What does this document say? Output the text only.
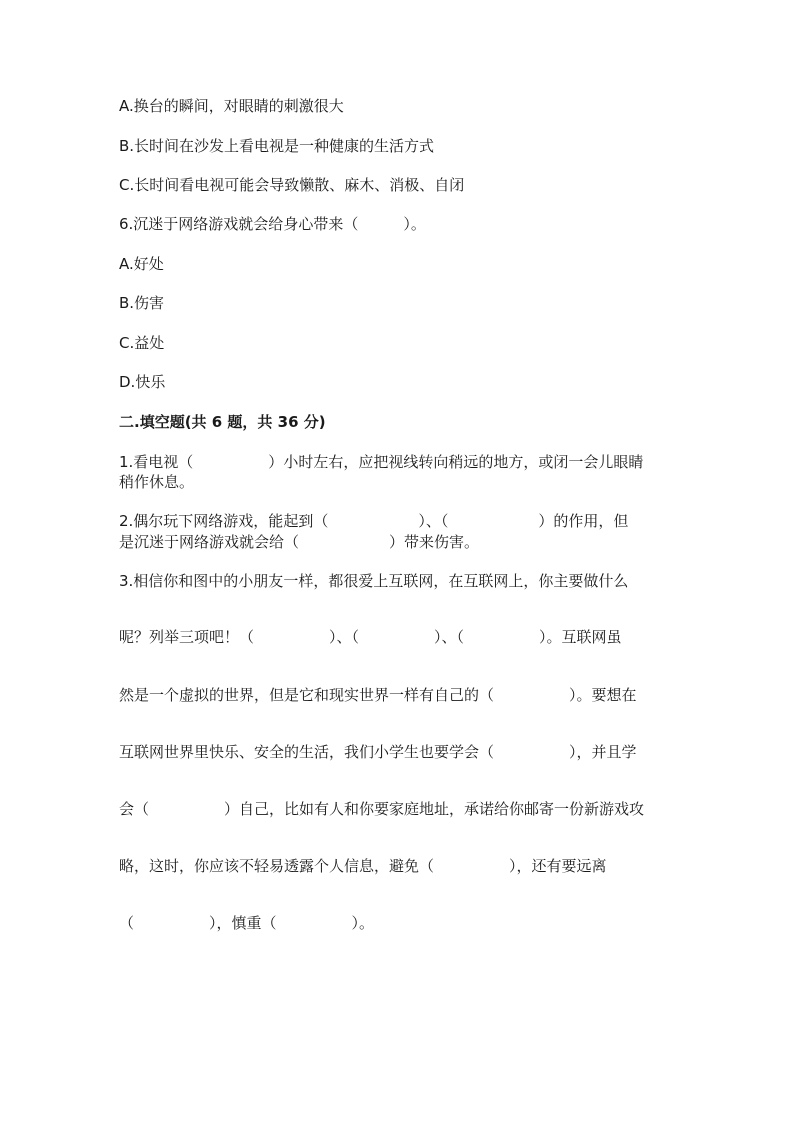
A.换台的瞬间，对眼睛的刺激很大
B.长时间在沙发上看电视是一种健康的生活方式
C.长时间看电视可能会导致懒散、麻木、消极、自闭
6.沉迷于网络游戏就会给身心带来（　　　）。
A.好处
B.伤害
C.益处
D.快乐
二.填空题(共 6 题，共 36 分)
1.看电视（　　　　　）小时左右，应把视线转向稍远的地方，或闭一会儿眼睛
稍作休息。
2.偶尔玩下网络游戏，能起到（　　　　　　）、（　　　　　　）的作用，但
是沉迷于网络游戏就会给（　　　　　　）带来伤害。
3.相信你和图中的小朋友一样，都很爱上互联网，在互联网上，你主要做什么
呢？列举三项吧！（　　　　　）、（　　　　　）、（　　　　　）。互联网虽
然是一个虚拟的世界，但是它和现实世界一样有自己的（　　　　　）。要想在
互联网世界里快乐、安全的生活，我们小学生也要学会（　　　　　），并且学
会（　　　　　）自己，比如有人和你要家庭地址，承诺给你邮寄一份新游戏攻
略，这时，你应该不轻易透露个人信息，避免（　　　　　），还有要远离
（　　　　　），慎重（　　　　　）。
